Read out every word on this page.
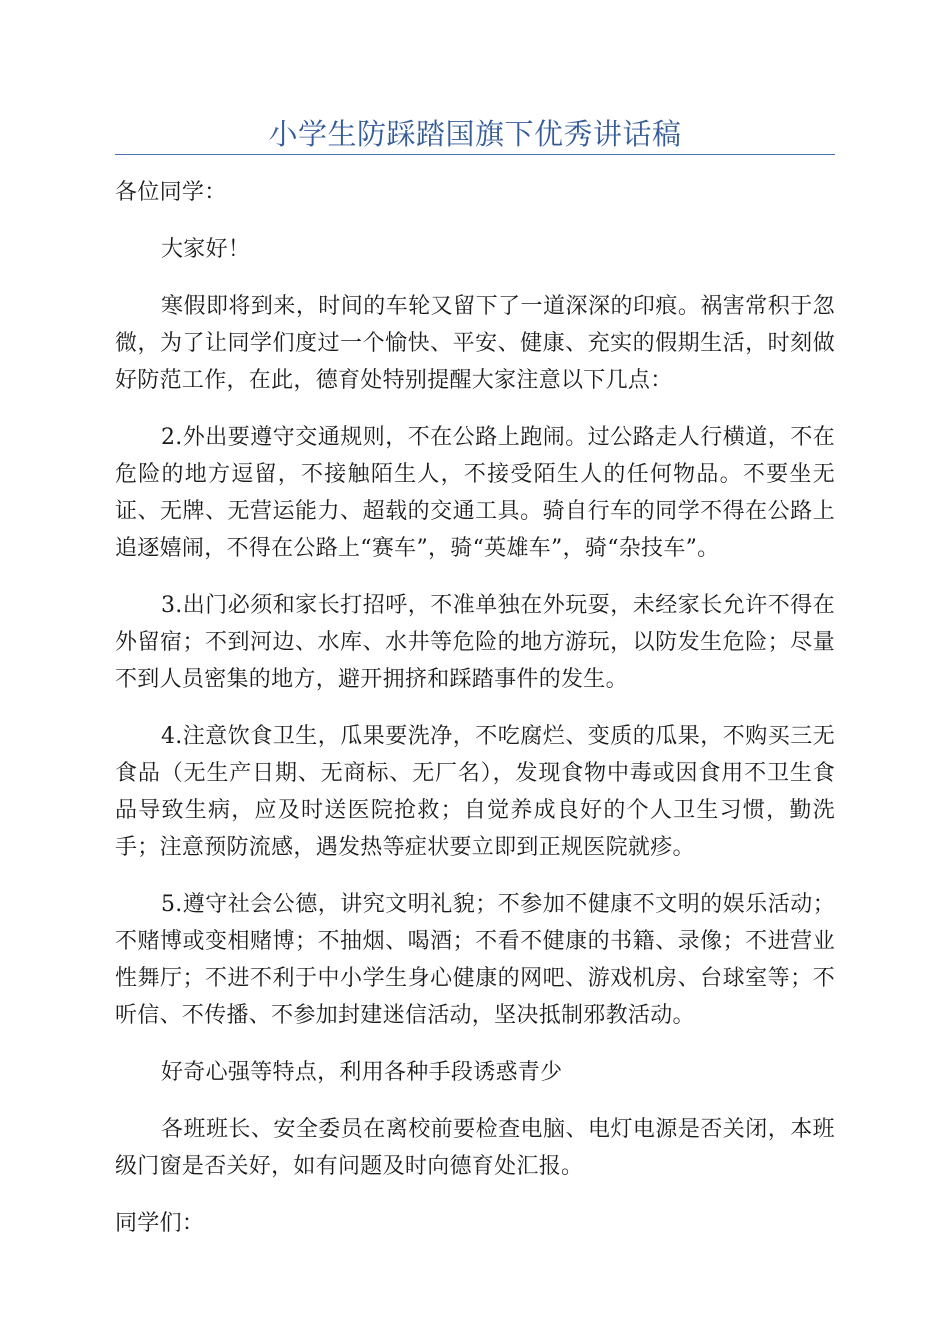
小学生防踩踏国旗下优秀讲话稿

各位同学：

大家好！

寒假即将到来，时间的车轮又留下了一道深深的印痕。祸害常积于忽微，为了让同学们度过一个愉快、平安、健康、充实的假期生活，时刻做好防范工作，在此，德育处特别提醒大家注意以下几点：

2.外出要遵守交通规则，不在公路上跑闹。过公路走人行横道，不在危险的地方逗留，不接触陌生人，不接受陌生人的任何物品。不要坐无证、无牌、无营运能力、超载的交通工具。骑自行车的同学不得在公路上追逐嬉闹，不得在公路上“赛车”，骑“英雄车”，骑“杂技车”。

3.出门必须和家长打招呼，不准单独在外玩耍，未经家长允许不得在外留宿；不到河边、水库、水井等危险的地方游玩，以防发生危险；尽量不到人员密集的地方，避开拥挤和踩踏事件的发生。

4.注意饮食卫生，瓜果要洗净，不吃腐烂、变质的瓜果，不购买三无食品（无生产日期、无商标、无厂名），发现食物中毒或因食用不卫生食品导致生病，应及时送医院抢救；自觉养成良好的个人卫生习惯，勤洗手；注意预防流感，遇发热等症状要立即到正规医院就疹。

5.遵守社会公德，讲究文明礼貌；不参加不健康不文明的娱乐活动；不赌博或变相赌博；不抽烟、喝酒；不看不健康的书籍、录像；不进营业性舞厅；不进不利于中小学生身心健康的网吧、游戏机房、台球室等；不听信、不传播、不参加封建迷信活动，坚决抵制邪教活动。

好奇心强等特点，利用各种手段诱惑青少

各班班长、安全委员在离校前要检查电脑、电灯电源是否关闭，本班级门窗是否关好，如有问题及时向德育处汇报。

同学们：
